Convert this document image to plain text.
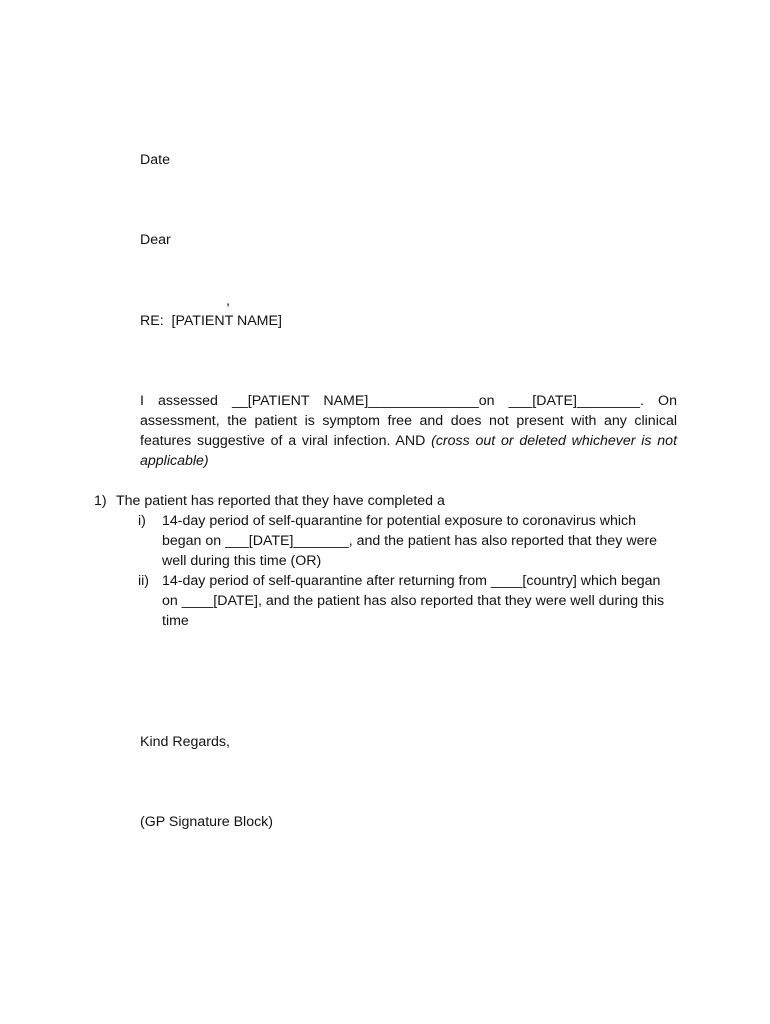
Date

Dear

,

RE:  [PATIENT NAME]

I assessed __[PATIENT NAME]______________on ___[DATE]________. On assessment, the patient is symptom free and does not present with any clinical features suggestive of a viral infection. AND (cross out or deleted whichever is not applicable)

1) The patient has reported that they have completed a
i)	14-day period of self-quarantine for potential exposure to coronavirus which began on ___[DATE]_______, and the patient has also reported that they were well during this time (OR)
ii) 14-day period of self-quarantine after returning from ____[country] which began on ____[DATE], and the patient has also reported that they were well during this time

Kind Regards,

(GP Signature Block)
